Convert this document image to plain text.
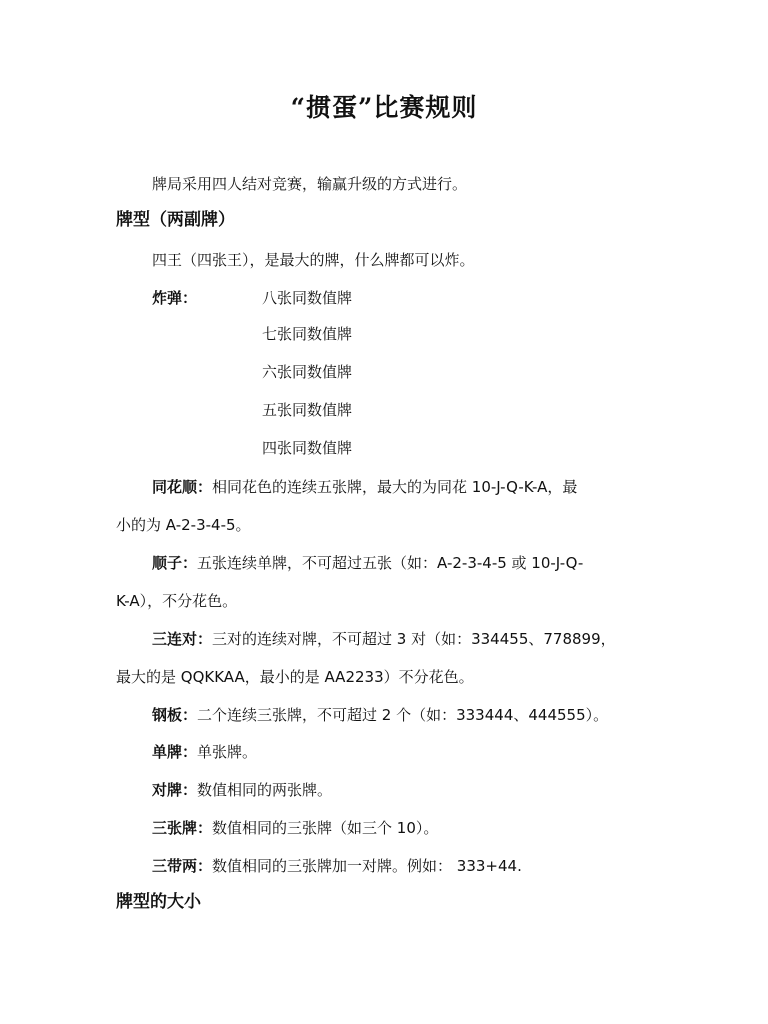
“掼蛋”比赛规则
牌局采用四人结对竞赛，输赢升级的方式进行。
牌型（两副牌）
四王（四张王），是最大的牌，什么牌都可以炸。
炸弹：	八张同数值牌
七张同数值牌
六张同数值牌
五张同数值牌
四张同数值牌
同花顺：相同花色的连续五张牌，最大的为同花 10-J-Q-K-A，最
小的为 A-2-3-4-5。
顺子：五张连续单牌，不可超过五张（如：A-2-3-4-5 或 10-J-Q-
K-A），不分花色。
三连对：三对的连续对牌，不可超过 3 对（如：334455、778899，
最大的是 QQKKAA，最小的是 AA2233）不分花色。
钢板：二个连续三张牌，不可超过 2 个（如：333444、444555）。
单牌：单张牌。
对牌：数值相同的两张牌。
三张牌：数值相同的三张牌（如三个 10）。
三带两：数值相同的三张牌加一对牌。例如： 333+44.
牌型的大小
